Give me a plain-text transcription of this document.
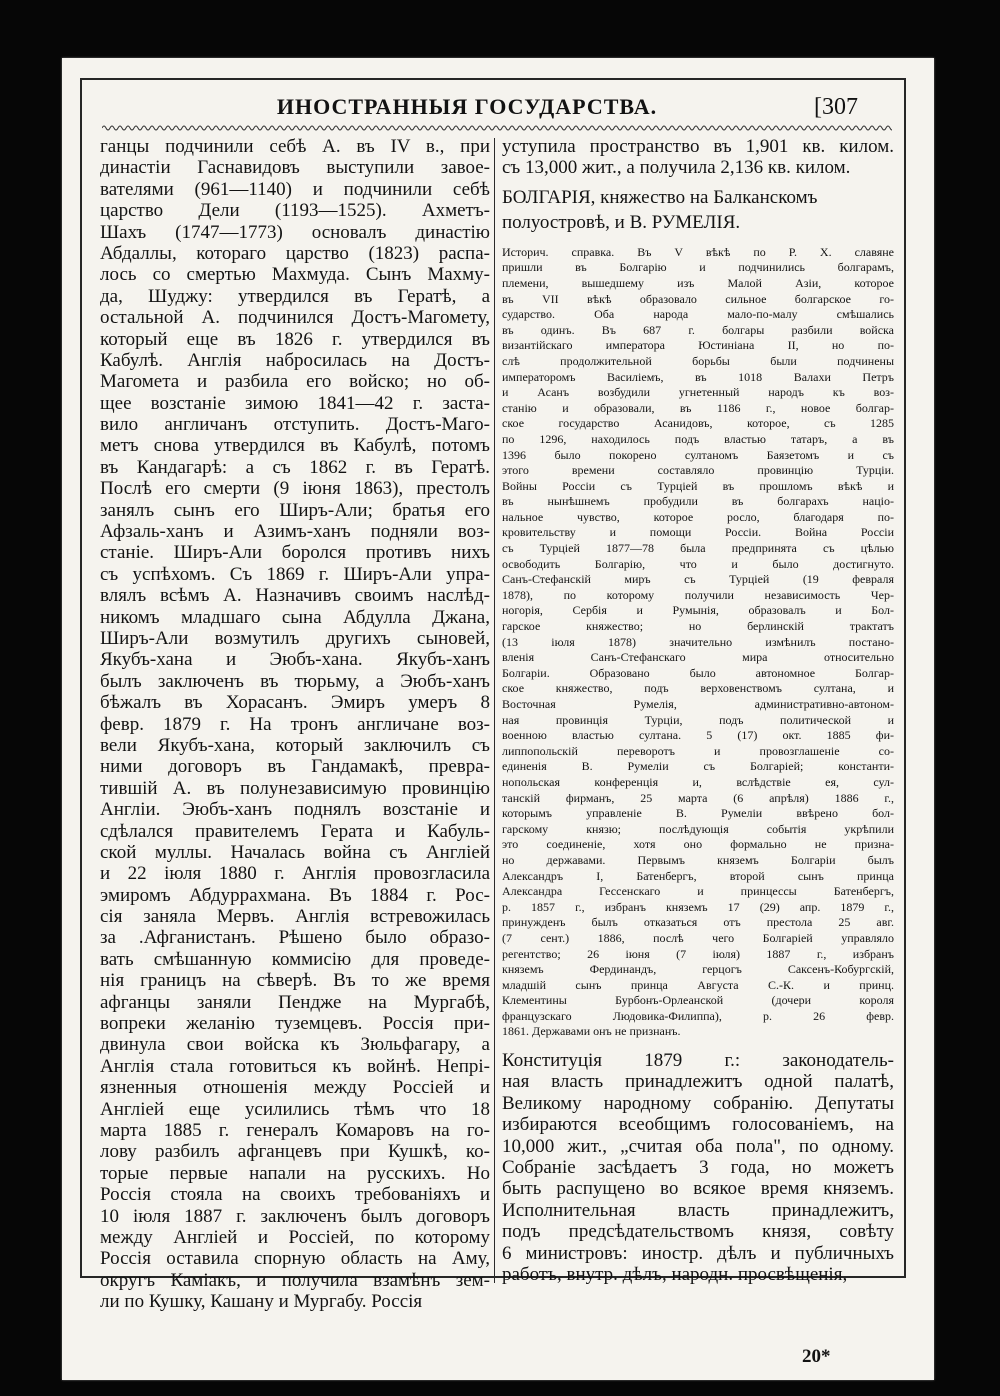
ИНОСТРАННЫЯ ГОСУДАРСТВА.	[307
ганцы подчинили себѣ А. въ IV в., при
династіи Гаснавидовъ выступили завое-
вателями (961—1140) и подчинили себѣ
царство Дели (1193—1525). Ахметъ-
Шахъ (1747—1773) основалъ династію
Абдаллы, котораго царство (1823) распа-
лось со смертью Махмуда. Сынъ Махму-
да, Шуджу: утвердился въ Гератѣ, а
остальной А. подчинился Достъ-Магомету,
который еще въ 1826 г. утвердился въ
Кабулѣ. Англія набросилась на Достъ-
Магомета и разбила его войско; но об-
щее возстаніе зимою 1841—42 г. заста-
вило англичанъ отступить. Достъ-Маго-
метъ снова утвердился въ Кабулѣ, потомъ
въ Кандагарѣ: а съ 1862 г. въ Гератѣ.
Послѣ его смерти (9 іюня 1863), престолъ
занялъ сынъ его Ширъ-Али; братья его
Афзаль-ханъ и Азимъ-ханъ подняли воз-
станіе. Ширъ-Али боролся противъ нихъ
съ успѣхомъ. Съ 1869 г. Ширъ-Али упра-
влялъ всѣмъ А. Назначивъ своимъ наслѣд-
никомъ младшаго сына Абдулла Джана,
Ширъ-Али возмутилъ другихъ сыновей,
Якубъ-хана и Эюбъ-хана. Якубъ-ханъ
былъ заключенъ въ тюрьму, а Эюбъ-ханъ
бѣжалъ въ Хорасанъ. Эмиръ умеръ 8
февр. 1879 г. На тронъ англичане воз-
вели Якубъ-хана, который заключилъ съ
ними договоръ въ Гандамакѣ, превра-
тившій А. въ полунезависимую провинцію
Англіи. Эюбъ-ханъ поднялъ возстаніе и
сдѣлался правителемъ Герата и Кабуль-
ской муллы. Началась война съ Англіей
и 22 іюля 1880 г. Англія провозгласила
эмиромъ Абдуррахмана. Въ 1884 г. Рос-
сія заняла Мервъ. Англія встревожилась
за .Афганистанъ. Рѣшено было образо-
вать смѣшанную коммисію для проведе-
нія границъ на сѣверѣ. Въ то же время
афганцы заняли Пендже на Мургабѣ,
вопреки желанію туземцевъ. Россія при-
двинула свои войска къ Зюльфагару, а
Англія стала готовиться къ войнѣ. Непрі-
язненныя отношенія между Россіей и
Англіей еще усилились тѣмъ что 18
марта 1885 г. генералъ Комаровъ на го-
лову разбилъ афганцевъ при Кушкѣ, ко-
торые первые напали на русскихъ. Но
Россія стояла на своихъ требованіяхъ и
10 іюля 1887 г. заключенъ былъ договоръ
между Англіей и Россіей, по которому
Россія оставила спорную область на Аму,
округъ Каміакъ, и получила взамѣнъ зем-
ли по Кушку, Кашану и Мургабу. Россія
уступила пространство въ 1,901 кв. килом.
съ 13,000 жит., а получила 2,136 кв. килом.
БОЛГАРІЯ, княжество на Балканскомъ
полуостровѣ, и В. РУМЕЛІЯ.
Историч. справка. Въ V вѣкѣ по Р. Х. славяне
пришли въ Болгарію и подчинились болгарамъ,
племени, вышедшему изъ Малой Азіи, которое
въ VII вѣкѣ образовало сильное болгарское го-
сударство. Оба народа мало-по-малу смѣшались
въ одинъ. Въ 687 г. болгары разбили войска
византійскаго императора Юстиніана II, но по-
слѣ продолжительной борьбы были подчинены
императоромъ Василіемъ, въ 1018 Валахи Петръ
и Асанъ возбудили угнетенный народъ къ воз-
станію и образовали, въ 1186 г., новое болгар-
ское государство Асанидовъ, которое, съ 1285
по 1296, находилось подъ властью татаръ, а въ
1396 было покорено султаномъ Баязетомъ и съ
этого времени составляло провинцію Турціи.
Войны Россіи съ Турціей въ прошломъ вѣкѣ и
въ нынѣшнемъ пробудили въ болгарахъ націо-
нальное чувство, которое росло, благодаря по-
кровительству и помощи Россіи. Война Россіи
съ Турціей 1877—78 была предпринята съ цѣлью
освободить Болгарію, что и было достигнуто.
Санъ-Стефанскій миръ съ Турціей (19 февраля
1878), по которому получили независимость Чер-
ногорія, Сербія и Румынія, образовалъ и Бол-
гарское княжество; но берлинскій трактатъ
(13 іюля 1878) значительно измѣнилъ постано-
вленія Санъ-Стефанскаго мира относительно
Болгаріи. Образовано было автономное Болгар-
ское княжество, подъ верховенствомъ султана, и
Восточная Румелія, административно-автоном-
ная провинція Турціи, подъ политической и
военною властью султана. 5 (17) окт. 1885 фи-
липпопольскій переворотъ и провозглашеніе со-
единенія В. Румеліи съ Болгаріей; константи-
нопольская конференція и, вслѣдствіе ея, сул-
танскій фирманъ, 25 марта (6 апрѣля) 1886 г.,
которымъ управленіе В. Румеліи ввѣрено бол-
гарскому князю; послѣдующія событія укрѣпили
это соединеніе, хотя оно формально не призна-
но державами. Первымъ княземъ Болгаріи былъ
Александръ I, Батенбергъ, второй сынъ принца
Александра Гессенскаго и принцессы Батенбергъ,
р. 1857 г., избранъ княземъ 17 (29) апр. 1879 г.,
принужденъ былъ отказаться отъ престола 25 авг.
(7 сент.) 1886, послѣ чего Болгаріей управляло
регентство; 26 іюня (7 іюля) 1887 г., избранъ
княземъ Фердинандъ, герцогъ Саксенъ-Кобургскій,
младшій сынъ принца Августа С.-К. и принц.
Клементины Бурбонъ-Орлеанской (дочери короля
французскаго Людовика-Филиппа), р. 26 февр.
1861. Державами онъ не признанъ.
Конституція 1879 г.: законодатель-
ная власть принадлежитъ одной палатѣ,
Великому народному собранію. Депутаты
избираются всеобщимъ голосованіемъ, на
10,000 жит., „считая оба пола", по одному.
Собраніе засѣдаетъ 3 года, но можетъ
быть распущено во всякое время княземъ.
Исполнительная власть принадлежитъ,
подъ предсѣдательствомъ князя, совѣту
6 министровъ: иностр. дѣлъ и публичныхъ
работъ, внутр. дѣлъ, народн. просвѣщенія,
20*
